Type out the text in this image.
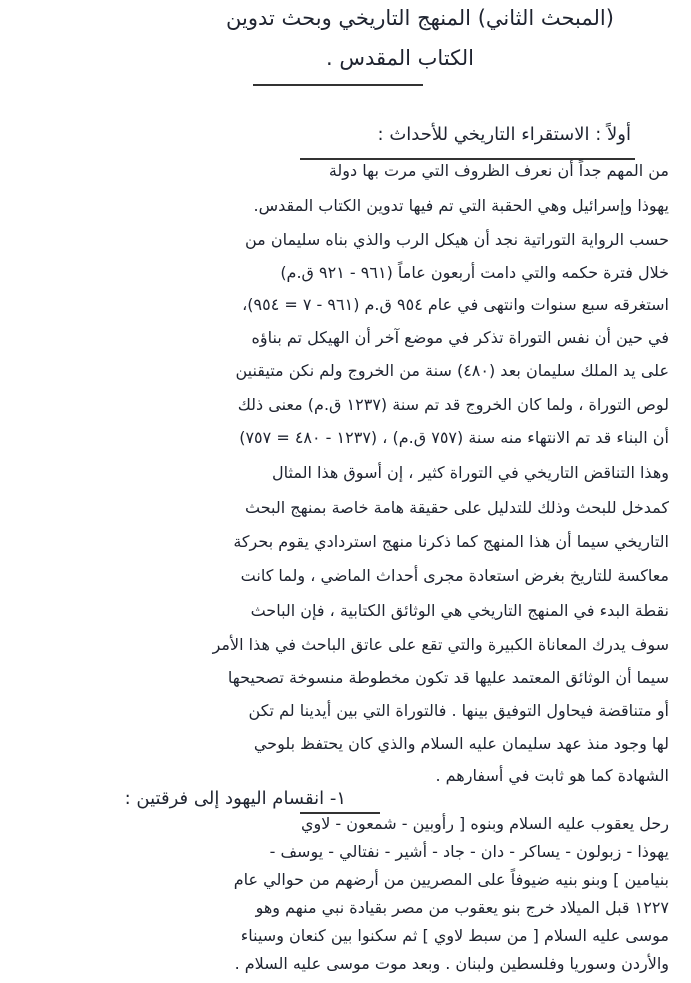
(المبحث الثاني) المنهج التاريخي وبحث تدوين
الكتاب المقدس .
أولاً : الاستقراء التاريخي للأحداث :
من المهم جداً أن نعرف الظروف التي مرت بها دولة
يهوذا وإسرائيل وهي الحقبة التي تم فيها تدوين الكتاب المقدس.
حسب الرواية التوراتية نجد أن هيكل الرب والذي بناه سليمان من
خلال فترة حكمه والتي دامت أربعون عاماً (٩٦١ - ٩٢١ ق.م)
استغرقه سبع سنوات وانتهى في عام ٩٥٤ ق.م (٩٦١ - ٧ = ٩٥٤)،
في حين أن نفس التوراة تذكر في موضع آخر أن الهيكل تم بناؤه
على يد الملك سليمان بعد (٤٨٠) سنة من الخروج ولم نكن متيقنين
لوص التوراة ، ولما كان الخروج قد تم سنة (١٢٣٧ ق.م) معنى ذلك
أن البناء قد تم الانتهاء منه سنة (٧٥٧ ق.م) ، (١٢٣٧ - ٤٨٠ = ٧٥٧)
وهذا التناقض التاريخي في التوراة كثير ، إن أسوق هذا المثال
كمدخل للبحث وذلك للتدليل على حقيقة هامة خاصة بمنهج البحث
التاريخي سيما أن هذا المنهج كما ذكرنا منهج استردادي يقوم بحركة
معاكسة للتاريخ بغرض استعادة مجرى أحداث الماضي ، ولما كانت
نقطة البدء في المنهج التاريخي هي الوثائق الكتابية ، فإن الباحث
سوف يدرك المعاناة الكبيرة والتي تقع على عاتق الباحث في هذا الأمر
سيما أن الوثائق المعتمد عليها قد تكون مخطوطة منسوخة تصحيحها
أو متناقضة فيحاول التوفيق بينها . فالتوراة التي بين أيدينا لم تكن
لها وجود منذ عهد سليمان عليه السلام والذي كان يحتفظ بلوحي
الشهادة كما هو ثابت في أسفارهم .
١- انقسام اليهود إلى فرقتين :
رحل يعقوب عليه السلام وبنوه [ رأوبين - شمعون - لاوي
يهوذا - زبولون - يساكر - دان - جاد - أشير - نفتالي - يوسف -
بنيامين ] وبنو بنيه ضيوفاً على المصريين من أرضهم من حوالي عام
١٢٢٧ قبل الميلاد خرج بنو يعقوب من مصر بقيادة نبي منهم وهو
موسى عليه السلام [ من سبط لاوي ] ثم سكنوا بين كنعان وسيناء
والأردن وسوريا وفلسطين ولبنان . وبعد موت موسى عليه السلام .
